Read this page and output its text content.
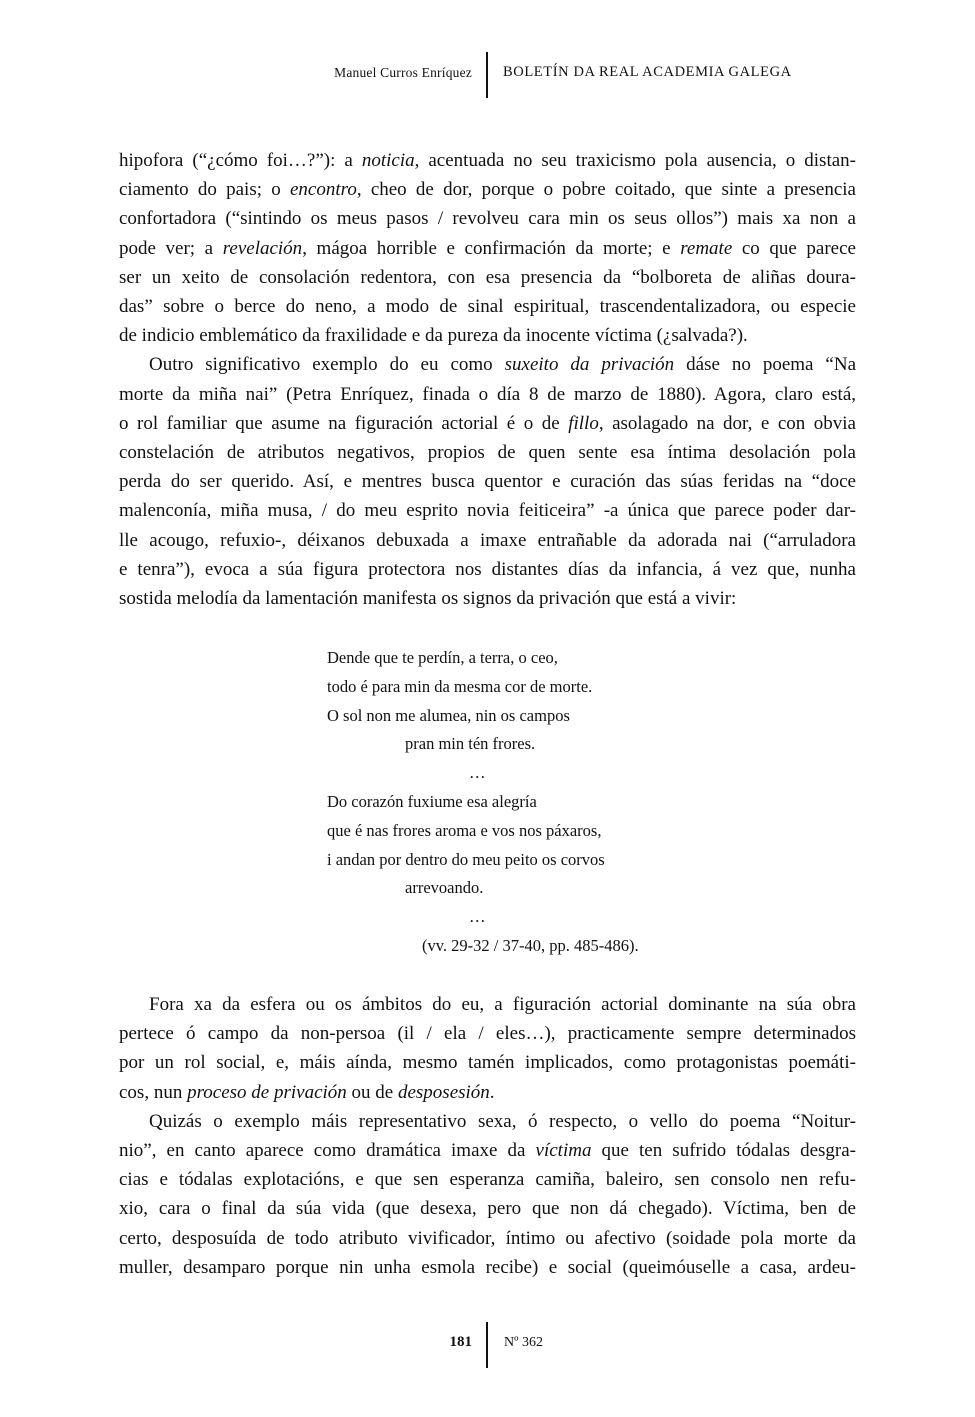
Manuel Curros Enríquez BOLETÍN DA REAL ACADEMIA GALEGA
hipofora (“¿cómo foi…?”): a noticia, acentuada no seu traxicismo pola ausencia, o distan-
ciamento do pais; o encontro, cheo de dor, porque o pobre coitado, que sinte a presencia
confortadora (“sintindo os meus pasos / revolveu cara min os seus ollos”) mais xa non a
pode ver; a revelación, mágoa horrible e confirmación da morte; e remate co que parece
ser un xeito de consolación redentora, con esa presencia da “bolboreta de aliñas doura-
das” sobre o berce do neno, a modo de sinal espiritual, trascendentalizadora, ou especie
de indicio emblemático da fraxilidade e da pureza da inocente víctima (¿salvada?).
Outro significativo exemplo do eu como suxeito da privación dáse no poema “Na
morte da miña nai” (Petra Enríquez, finada o día 8 de marzo de 1880). Agora, claro está,
o rol familiar que asume na figuración actorial é o de fillo, asolagado na dor, e con obvia
constelación de atributos negativos, propios de quen sente esa íntima desolación pola
perda do ser querido. Así, e mentres busca quentor e curación das súas feridas na “doce
malenconía, miña musa, / do meu esprito novia feiticeira” -a única que parece poder dar-
lle acougo, refuxio-, déixanos debuxada a imaxe entrañable da adorada nai (“arruladora
e tenra”), evoca a súa figura protectora nos distantes días da infancia, á vez que, nunha
sostida melodía da lamentación manifesta os signos da privación que está a vivir:
Dende que te perdín, a terra, o ceo,
todo é para min da mesma cor de morte.
O sol non me alumea, nin os campos
pran min tén frores.
…
Do corazón fuxiume esa alegría
que é nas frores aroma e vos nos páxaros,
i andan por dentro do meu peito os corvos
arrevoando.
…
(vv. 29-32 / 37-40, pp. 485-486).
Fora xa da esfera ou os ámbitos do eu, a figuración actorial dominante na súa obra
pertece ó campo da non-persoa (il / ela / eles…), practicamente sempre determinados
por un rol social, e, máis aínda, mesmo tamén implicados, como protagonistas poemáti-
cos, nun proceso de privación ou de desposesión.
Quizás o exemplo máis representativo sexa, ó respecto, o vello do poema “Noitur-
nio”, en canto aparece como dramática imaxe da víctima que ten sufrido tódalas desgra-
cias e tódalas explotacións, e que sen esperanza camiña, baleiro, sen consolo nen refu-
xio, cara o final da súa vida (que desexa, pero que non dá chegado). Víctima, ben de
certo, desposuída de todo atributo vivificador, íntimo ou afectivo (soidade pola morte da
muller, desamparo porque nin unha esmola recibe) e social (queimóuselle a casa, ardeu-
181 Nº 362
